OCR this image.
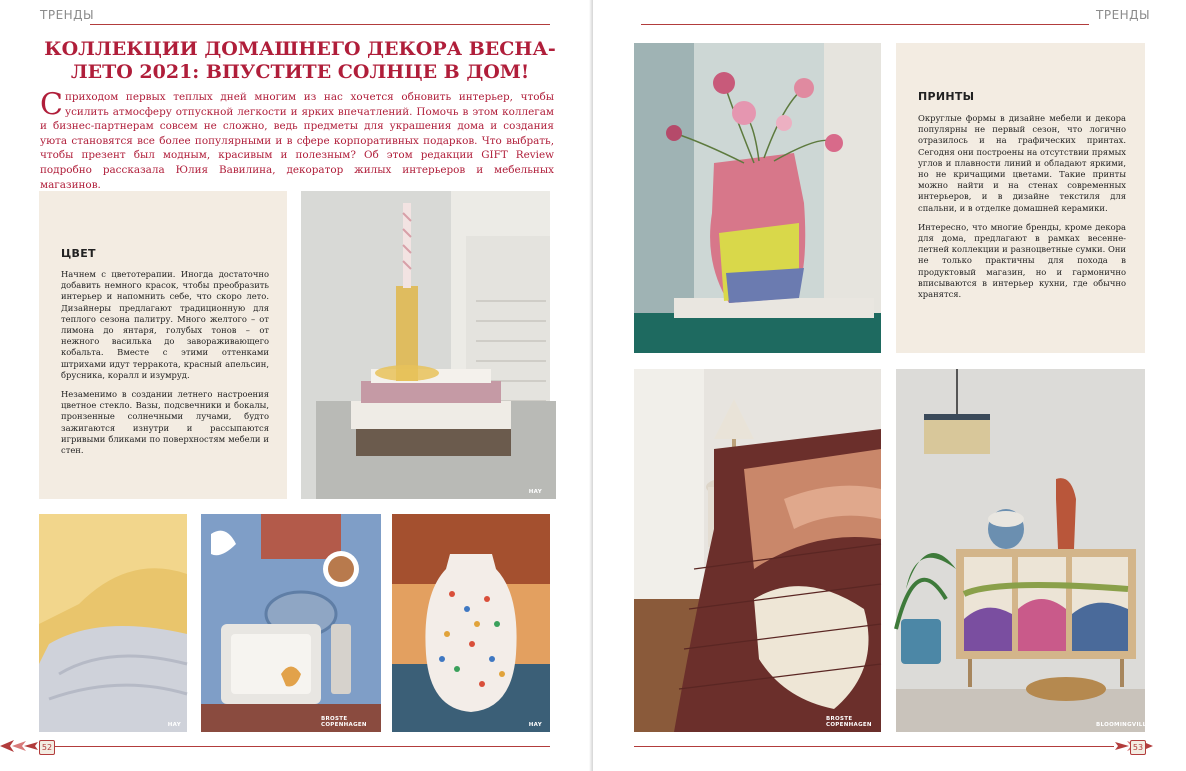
ТРЕНДЫ
КОЛЛЕКЦИИ ДОМАШНЕГО ДЕКОРА ВЕСНА-ЛЕТО 2021: ВПУСТИТЕ СОЛНЦЕ В ДОМ!
Сприходом первых теплых дней многим из нас хочется обновить интерьер, чтобы усилить атмосферу отпускной легкости и ярких впечатлений. Помочь в этом коллегам и бизнес-партнерам совсем не сложно, ведь предметы для украшения дома и создания уюта становятся все более популярными и в сфере корпоративных подарков. Что выбрать, чтобы презент был модным, красивым и полезным? Об этом редакции GIFT Review подробно рассказала Юлия Вавилина, декоратор жилых интерьеров и мебельных магазинов.
ЦВЕТ

Начнем с цветотерапии. Иногда достаточно добавить немного красок, чтобы преобразить интерьер и напомнить себе, что скоро лето. Дизайнеры предлагают традиционную для теплого сезона палитру. Много желтого – от лимона до янтаря, голубых тонов – от нежного василька до завораживающего кобальта. Вместе с этими оттенками штрихами идут терракота, красный апельсин, брусника, коралл и изумруд.

Незаменимо в создании летнего настроения цветное стекло. Вазы, подсвечники и бокалы, пронзенные солнечными лучами, будто зажигаются изнутри и рассыпаются игривыми бликами по поверхностям мебели и стен.

HAY
HAY
BROSTE COPENHAGEN	HAY
52
ТРЕНДЫ
ПРИНТЫ

Округлые формы в дизайне мебели и декора популярны не первый сезон, что логично отразилось и на графических принтах. Сегодня они построены на отсутствии прямых углов и плавности линий и обладают яркими, но не кричащими цветами. Такие принты можно найти и на стенах современных интерьеров, и в дизайне текстиля для спальни, и в отделке домашней керамики.

Интересно, что многие бренды, кроме декора для дома, предлагают в рамках весенне-летней коллекции и разноцветные сумки. Они не только практичны для похода в продуктовый магазин, но и гармонично вписываются в интерьер кухни, где обычно хранятся.

BROSTE COPENHAGEN	BLOOMINGVILLE
53
